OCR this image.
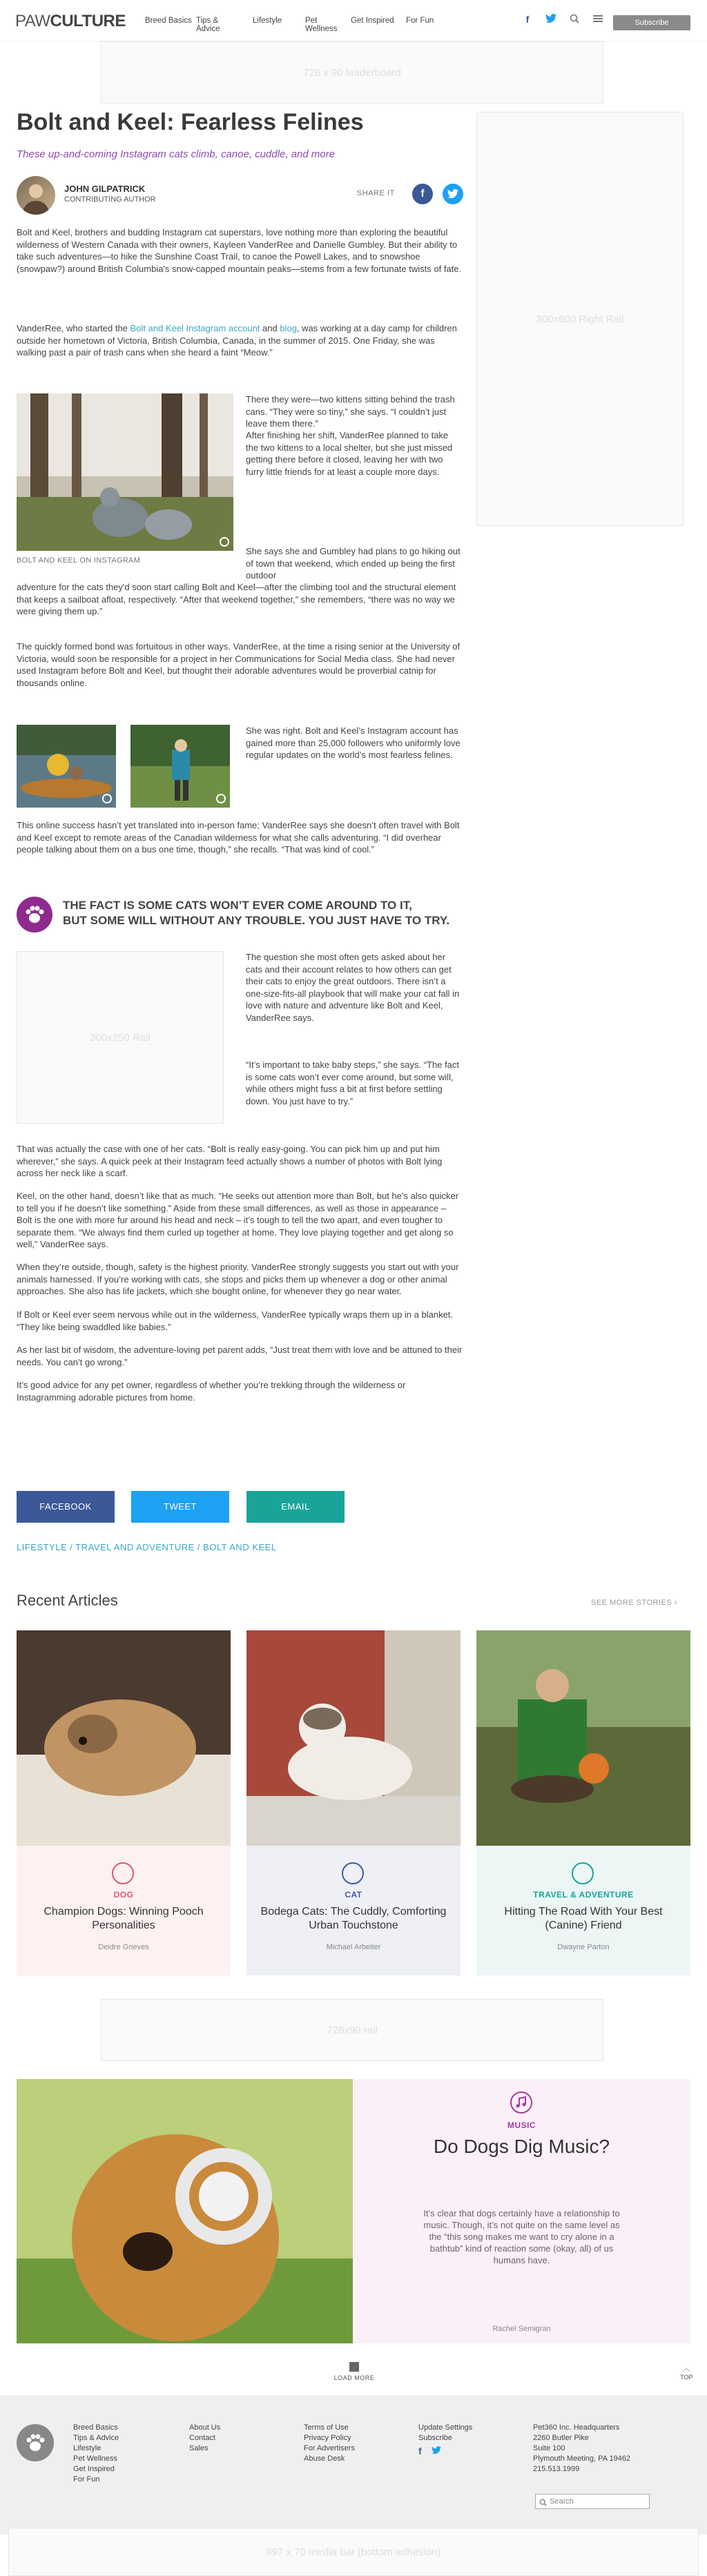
PAWCULTURE Breed Basics Tips & Advice
Lifestyle	Pet Wellness
Get Inspired For Fun	f	Subscribe
728 x 90 leaderboard
300x600 Right Rail
Bolt and Keel: Fearless Felines
These up-and-coming Instagram cats climb, canoe, cuddle, and more
JOHN GILPATRICK
CONTRIBUTING AUTHOR
SHARE IT	f

Bolt and Keel, brothers and budding Instagram cat superstars, love nothing more than exploring the beautiful wilderness of Western Canada with their owners, Kayleen VanderRee and Danielle Gumbley. But their ability to take such adventures—to hike the Sunshine Coast Trail, to canoe the Powell Lakes, and to snowshoe (snowpaw?) around British Columbia's snow-capped mountain peaks—stems from a few fortunate twists of fate.

VanderRee, who started the Bolt and Keel Instagram account and blog, was working at a day camp for children outside her hometown of Victoria, British Columbia, Canada, in the summer of 2015. One Friday, she was walking past a pair of trash cans when she heard a faint “Meow.”

BOLT AND KEEL ON INSTAGRAM

There they were—two kittens sitting behind the trash cans. “They were so tiny,” she says. “I couldn’t just leave them there.”

After finishing her shift, VanderRee planned to take the two kittens to a local shelter, but she just missed getting there before it closed, leaving her with two furry little friends for at least a couple more days.

She says she and Gumbley had plans to go hiking out of town that weekend, which ended up being the first outdoor

adventure for the cats they'd soon start calling Bolt and Keel—after the climbing tool and the structural element that keeps a sailboat afloat, respectively. “After that weekend together,” she remembers, “there was no way we were giving them up.”

The quickly formed bond was fortuitous in other ways. VanderRee, at the time a rising senior at the University of Victoria, would soon be responsible for a project in her Communications for Social Media class. She had never used Instagram before Bolt and Keel, but thought their adorable adventures would be proverbial catnip for thousands online.

She was right. Bolt and Keel’s Instagram account has gained more than 25,000 followers who uniformly love regular updates on the world’s most fearless felines.

This online success hasn’t yet translated into in-person fame; VanderRee says she doesn’t often travel with Bolt and Keel except to remote areas of the Canadian wilderness for what she calls adventuring. “I did overhear people talking about them on a bus one time, though,” she recalls. “That was kind of cool.”

THE FACT IS SOME CATS WON’T EVER COME AROUND TO IT,
BUT SOME WILL WITHOUT ANY TROUBLE. YOU JUST HAVE TO TRY.
300x250 Rail

The question she most often gets asked about her cats and their account relates to how others can get their cats to enjoy the great outdoors. There isn’t a one-size-fits-all playbook that will make your cat fall in love with nature and adventure like Bolt and Keel, VanderRee says.

“It’s important to take baby steps,” she says. “The fact is some cats won’t ever come around, but some will, while others might fuss a bit at first before settling down. You just have to try.”

That was actually the case with one of her cats. “Bolt is really easy-going. You can pick him up and put him wherever,” she says. A quick peek at their Instagram feed actually shows a number of photos with Bolt lying across her neck like a scarf.

Keel, on the other hand, doesn’t like that as much. “He seeks out attention more than Bolt, but he’s also quicker to tell you if he doesn’t like something.” Aside from these small differences, as well as those in appearance – Bolt is the one with more fur around his head and neck – it’s tough to tell the two apart, and even tougher to separate them. “We always find them curled up together at home. They love playing together and get along so well,” VanderRee says.

When they’re outside, though, safety is the highest priority. VanderRee strongly suggests you start out with your animals harnessed. If you’re working with cats, she stops and picks them up whenever a dog or other animal approaches. She also has life jackets, which she bought online, for whenever they go near water.

If Bolt or Keel ever seem nervous while out in the wilderness, VanderRee typically wraps them up in a blanket. “They like being swaddled like babies.”

As her last bit of wisdom, the adventure-loving pet parent adds, “Just treat them with love and be attuned to their needs. You can’t go wrong.”

It’s good advice for any pet owner, regardless of whether you’re trekking through the wilderness or Instagramming adorable pictures from home.

FACEBOOK	TWEET	EMAIL
LIFESTYLE / TRAVEL AND ADVENTURE / BOLT AND KEEL
Recent Articles	SEE MORE STORIES ›
DOG
Champion Dogs: Winning Pooch Personalities
Deidre Grieves
CAT
Bodega Cats: The Cuddly, Comforting Urban Touchstone
Michael Arbeiter
TRAVEL & ADVENTURE
Hitting The Road With Your Best (Canine) Friend
Dwayne Parton
728x90 rail
MUSIC
Do Dogs Dig Music?
It’s clear that dogs certainly have a relationship to music. Though, it’s not quite on the same level as the “this song makes me want to cry alone in a bathtub” kind of reaction some (okay, all) of us humans have.
Rachel Semigran
LOAD MORE
︿
TOP
Breed Basics
Tips & Advice
Lifestyle
Pet Wellness
Get Inspired
For Fun
About Us
Contact
Sales
Terms of Use
Privacy Policy
For Advertisers
Abuse Desk
Update Settings
Subscribe
f
Pet360 Inc. Headquarters
2260 Butler Pike
Suite 100
Plymouth Meeting, PA 19462
215.513.1999
Search
997 x 70 media bar (bottom adhesion)
